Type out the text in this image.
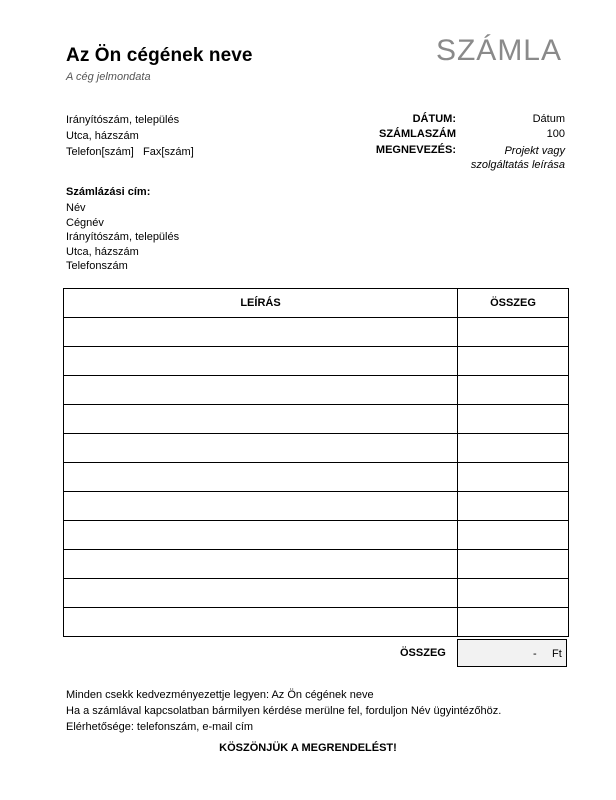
Az Ön cégének neve
A cég jelmondata
SZÁMLA
Irányítószám, település
Utca, házszám
Telefon[szám]   Fax[szám]
DÁTUM:	Dátum
SZÁMLASZÁM	100
MEGNEVEZÉS:	Projekt vagy
szolgáltatás leírása
Számlázási cím:
Név
Cégnév
Irányítószám, település
Utca, házszám
Telefonszám
LEÍRÁS	ÖSSZEG

ÖSSZEG	- Ft
Minden csekk kedvezményezettje legyen: Az Ön cégének neve
Ha a számlával kapcsolatban bármilyen kérdése merülne fel, forduljon Név ügyintézőhöz.
Elérhetősége: telefonszám, e-mail cím
KÖSZÖNJÜK A MEGRENDELÉST!
